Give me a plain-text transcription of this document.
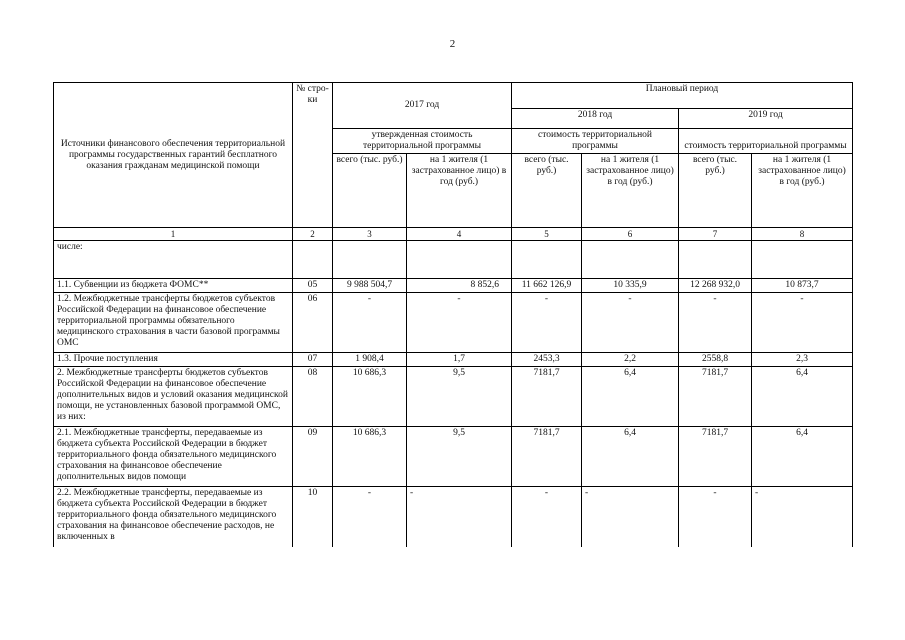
2
Источники финансового обеспечения территориальной программы государственных гарантий бесплатного оказания гражданам медицинской помощи	№ стро-ки	2017 год		Плановый период			
				2018 год		2019 год	
		утвержденная стоимость территориальной программы		стоимость территориальной программы		стоимость территориальной программы	
		всего (тыс. руб.)	на 1 жителя (1 застрахованное лицо) в год (руб.)	всего (тыс. руб.)	на 1 жителя (1 застрахованное лицо) в год (руб.)	всего (тыс. руб.)	на 1 жителя (1 застрахованное лицо) в год (руб.)
1	2	3	4	5	6	7	8
числе:							
1.1. Субвенции из бюджета ФОМС**	05	9 988 504,7	8 852,6	11 662 126,9	10 335,9	12 268 932,0	10 873,7
1.2. Межбюджетные трансферты бюджетов субъектов Российской Федерации на финансовое обеспечение территориальной программы обязательного медицинского страхования в части базовой программы ОМС	06	-	-	-	-	-	-
1.3. Прочие поступления	07	1 908,4	1,7	2453,3	2,2	2558,8	2,3
2. Межбюджетные трансферты бюджетов субъектов Российской Федерации на финансовое обеспечение дополнительных видов и условий оказания медицинской помощи, не установленных базовой программой ОМС, из них:	08	10 686,3	9,5	7181,7	6,4	7181,7	6,4
2.1. Межбюджетные трансферты, передаваемые из бюджета субъекта Российской Федерации в бюджет территориального фонда обязательного медицинского страхования на финансовое обеспечение дополнительных видов помощи	09	10 686,3	9,5	7181,7	6,4	7181,7	6,4
2.2. Межбюджетные трансферты, передаваемые из бюджета субъекта Российской Федерации в бюджет территориального фонда обязательного медицинского страхования на финансовое обеспечение расходов, не включенных в	10	-	-	-	-	-	-
